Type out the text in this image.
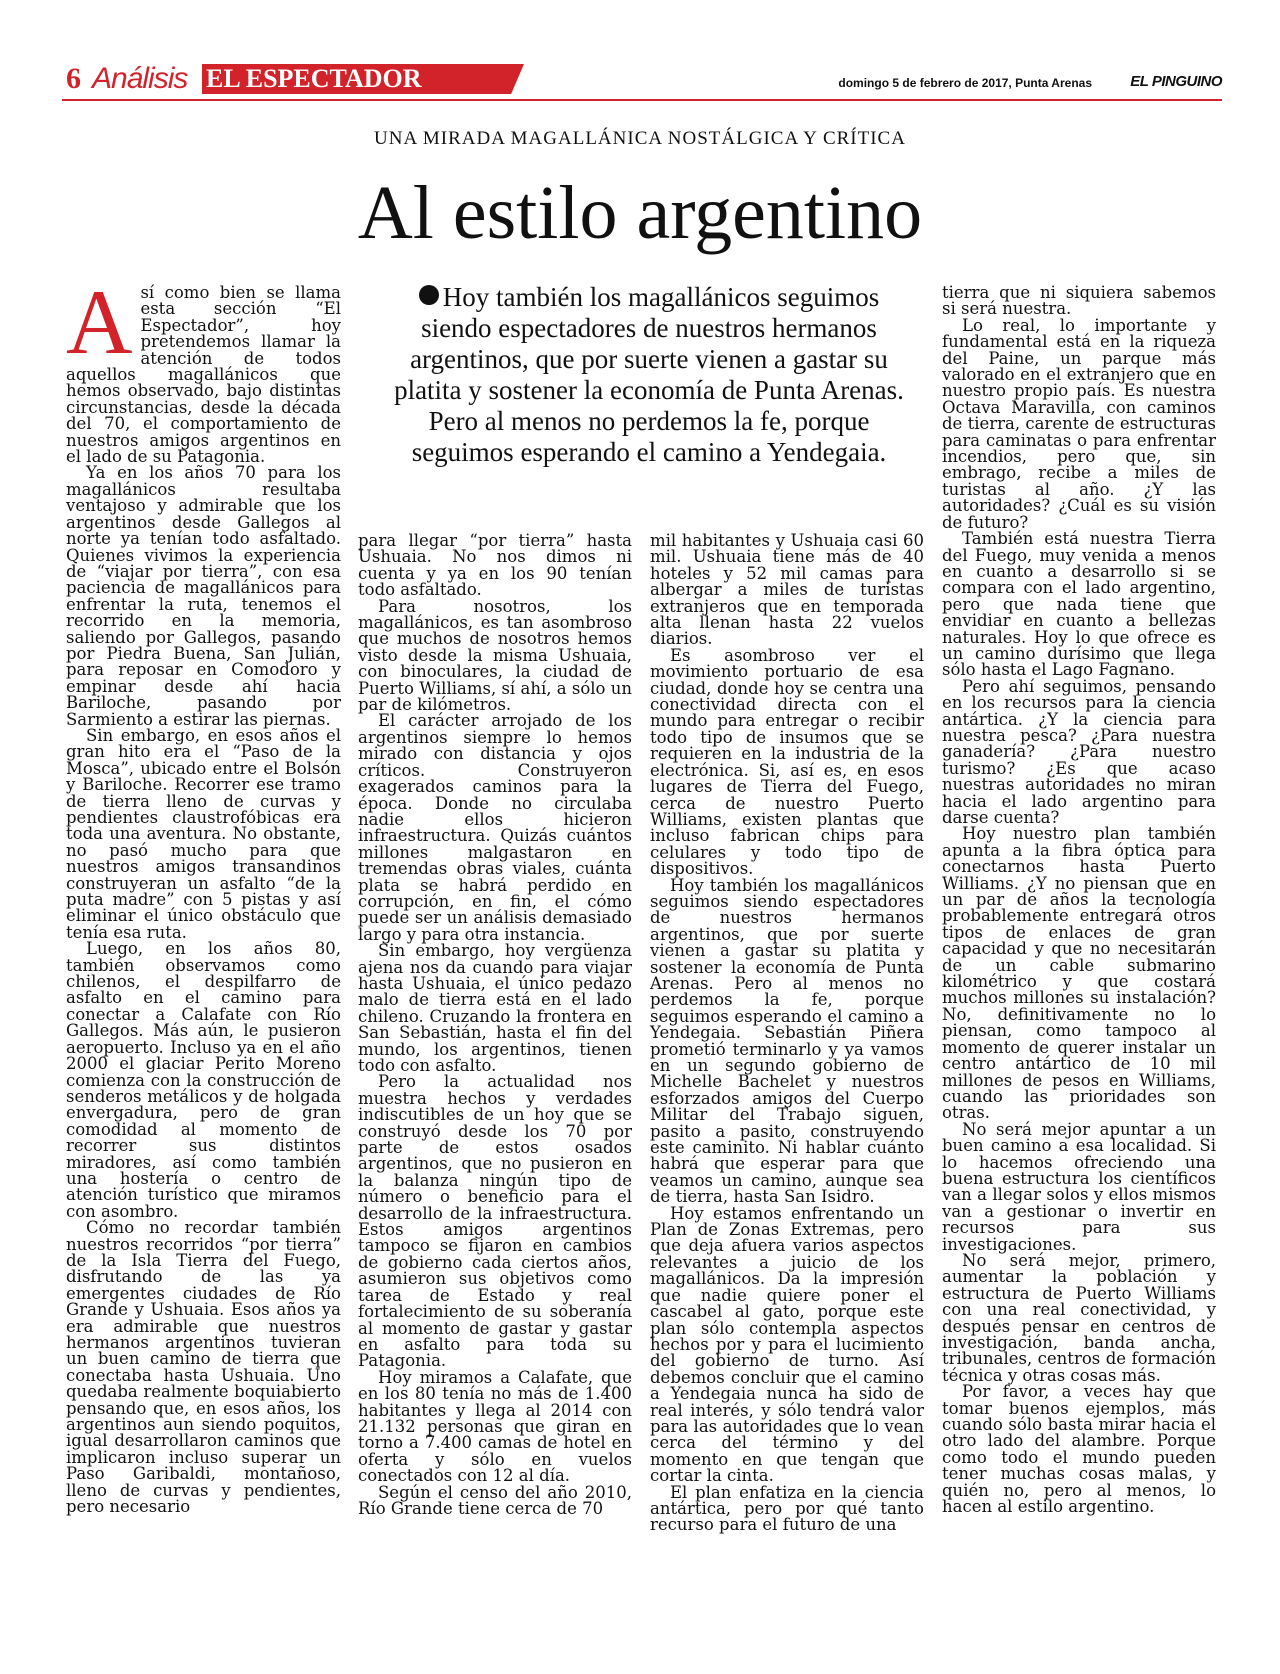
6 Análisis EL ESPECTADOR	domingo 5 de febrero de 2017, Punta Arenas	EL PINGUINO
UNA MIRADA MAGALLÁNICA NOSTÁLGICA Y CRÍTICA
Al estilo argentino

Así como bien se llama esta sección “El Espectador”, hoy pretendemos llamar la atención de todos aquellos magallánicos que hemos observado, bajo distintas circunstancias, desde la década del 70, el comportamiento de nuestros amigos argentinos en el lado de su Patagonia.

Ya en los años 70 para los magallánicos resultaba ventajoso y admirable que los argentinos desde Gallegos al norte ya tenían todo asfaltado. Quienes vivimos la experiencia de “viajar por tierra”, con esa paciencia de magallánicos para enfrentar la ruta, tenemos el recorrido en la memoria, saliendo por Gallegos, pasando por Piedra Buena, San Julián, para reposar en Comodoro y empinar desde ahí hacia Bariloche, pasando por Sarmiento a estirar las piernas.

Sin embargo, en esos años el gran hito era el “Paso de la Mosca”, ubicado entre el Bolsón y Bariloche. Recorrer ese tramo de tierra lleno de curvas y pendientes claustrofóbicas era toda una aventura. No obstante, no pasó mucho para que nuestros amigos transandinos construyeran un asfalto “de la puta madre” con 5 pistas y así eliminar el único obstáculo que tenía esa ruta.

Luego, en los años 80, también observamos como chilenos, el despilfarro de asfalto en el camino para conectar a Calafate con Río Gallegos. Más aún, le pusieron aeropuerto. Incluso ya en el año 2000 el glaciar Perito Moreno comienza con la construcción de senderos metálicos y de holgada envergadura, pero de gran comodidad al momento de recorrer sus distintos miradores, así como también una hostería o centro de atención turístico que miramos con asombro.

Cómo no recordar también nuestros recorridos “por tierra” de la Isla Tierra del Fuego, disfrutando de las ya emergentes ciudades de Río Grande y Ushuaia. Esos años ya era admirable que nuestros hermanos argentinos tuvieran un buen camino de tierra que conectaba hasta Ushuaia. Uno quedaba realmente boquiabierto pensando que, en esos años, los argentinos aun siendo poquitos, igual desarrollaron caminos que implicaron incluso superar un Paso Garibaldi, montañoso, lleno de curvas y pendientes, pero necesario

Hoy también los magallánicos seguimos siendo espectadores de nuestros hermanos argentinos, que por suerte vienen a gastar su platita y sostener la economía de Punta Arenas. Pero al menos no perdemos la fe, porque seguimos esperando el camino a Yendegaia.

para llegar “por tierra” hasta Ushuaia. No nos dimos ni cuenta y ya en los 90 tenían todo asfaltado.

Para nosotros, los magallánicos, es tan asombroso que muchos de nosotros hemos visto desde la misma Ushuaia, con binoculares, la ciudad de Puerto Williams, sí ahí, a sólo un par de kilómetros.

El carácter arrojado de los argentinos siempre lo hemos mirado con distancia y ojos críticos. Construyeron exagerados caminos para la época. Donde no circulaba nadie ellos hicieron infraestructura. Quizás cuántos millones malgastaron en tremendas obras viales, cuánta plata se habrá perdido en corrupción, en fin, el cómo puede ser un análisis demasiado largo y para otra instancia.

Sin embargo, hoy vergüenza ajena nos da cuando para viajar hasta Ushuaia, el único pedazo malo de tierra está en el lado chileno. Cruzando la frontera en San Sebastián, hasta el fin del mundo, los argentinos, tienen todo con asfalto.

Pero la actualidad nos muestra hechos y verdades indiscutibles de un hoy que se construyó desde los 70 por parte de estos osados argentinos, que no pusieron en la balanza ningún tipo de número o beneficio para el desarrollo de la infraestructura. Estos amigos argentinos tampoco se fijaron en cambios de gobierno cada ciertos años, asumieron sus objetivos como tarea de Estado y real fortalecimiento de su soberanía al momento de gastar y gastar en asfalto para toda su Patagonia.

Hoy miramos a Calafate, que en los 80 tenía no más de 1.400 habitantes y llega al 2014 con 21.132 personas que giran en torno a 7.400 camas de hotel en oferta y sólo en vuelos conectados con 12 al día.

Según el censo del año 2010, Río Grande tiene cerca de 70

mil habitantes y Ushuaia casi 60 mil. Ushuaia tiene más de 40 hoteles y 52 mil camas para albergar a miles de turistas extranjeros que en temporada alta llenan hasta 22 vuelos diarios.

Es asombroso ver el movimiento portuario de esa ciudad, donde hoy se centra una conectividad directa con el mundo para entregar o recibir todo tipo de insumos que se requieren en la industria de la electrónica. Si, así es, en esos lugares de Tierra del Fuego, cerca de nuestro Puerto Williams, existen plantas que incluso fabrican chips para celulares y todo tipo de dispositivos.

Hoy también los magallánicos seguimos siendo espectadores de nuestros hermanos argentinos, que por suerte vienen a gastar su platita y sostener la economía de Punta Arenas. Pero al menos no perdemos la fe, porque seguimos esperando el camino a Yendegaia. Sebastián Piñera prometió terminarlo y ya vamos en un segundo gobierno de Michelle Bachelet y nuestros esforzados amigos del Cuerpo Militar del Trabajo siguen, pasito a pasito, construyendo este caminito. Ni hablar cuánto habrá que esperar para que veamos un camino, aunque sea de tierra, hasta San Isidro.

Hoy estamos enfrentando un Plan de Zonas Extremas, pero que deja afuera varios aspectos relevantes a juicio de los magallánicos. Da la impresión que nadie quiere poner el cascabel al gato, porque este plan sólo contempla aspectos hechos por y para el lucimiento del gobierno de turno. Así debemos concluir que el camino a Yendegaia nunca ha sido de real interés, y sólo tendrá valor para las autoridades que lo vean cerca del término y del momento en que tengan que cortar la cinta.

El plan enfatiza en la ciencia antártica, pero por qué tanto recurso para el futuro de una

tierra que ni siquiera sabemos si será nuestra.

Lo real, lo importante y fundamental está en la riqueza del Paine, un parque más valorado en el extranjero que en nuestro propio país. Es nuestra Octava Maravilla, con caminos de tierra, carente de estructuras para caminatas o para enfrentar incendios, pero que, sin embrago, recibe a miles de turistas al año. ¿Y las autoridades? ¿Cuál es su visión de futuro?

También está nuestra Tierra del Fuego, muy venida a menos en cuanto a desarrollo si se compara con el lado argentino, pero que nada tiene que envidiar en cuanto a bellezas naturales. Hoy lo que ofrece es un camino durísimo que llega sólo hasta el Lago Fagnano.

Pero ahí seguimos, pensando en los recursos para la ciencia antártica. ¿Y la ciencia para nuestra pesca? ¿Para nuestra ganadería? ¿Para nuestro turismo? ¿Es que acaso nuestras autoridades no miran hacia el lado argentino para darse cuenta?

Hoy nuestro plan también apunta a la fibra óptica para conectarnos hasta Puerto Williams. ¿Y no piensan que en un par de años la tecnología probablemente entregará otros tipos de enlaces de gran capacidad y que no necesitarán de un cable submarino kilométrico y que costará muchos millones su instalación? No, definitivamente no lo piensan, como tampoco al momento de querer instalar un centro antártico de 10 mil millones de pesos en Williams, cuando las prioridades son otras.

No será mejor apuntar a un buen camino a esa localidad. Si lo hacemos ofreciendo una buena estructura los científicos van a llegar solos y ellos mismos van a gestionar o invertir en recursos para sus investigaciones.

No será mejor, primero, aumentar la población y estructura de Puerto Williams con una real conectividad, y después pensar en centros de investigación, banda ancha, tribunales, centros de formación técnica y otras cosas más.

Por favor, a veces hay que tomar buenos ejemplos, más cuando sólo basta mirar hacia el otro lado del alambre. Porque como todo el mundo pueden tener muchas cosas malas, y quién no, pero al menos, lo hacen al estilo argentino.
